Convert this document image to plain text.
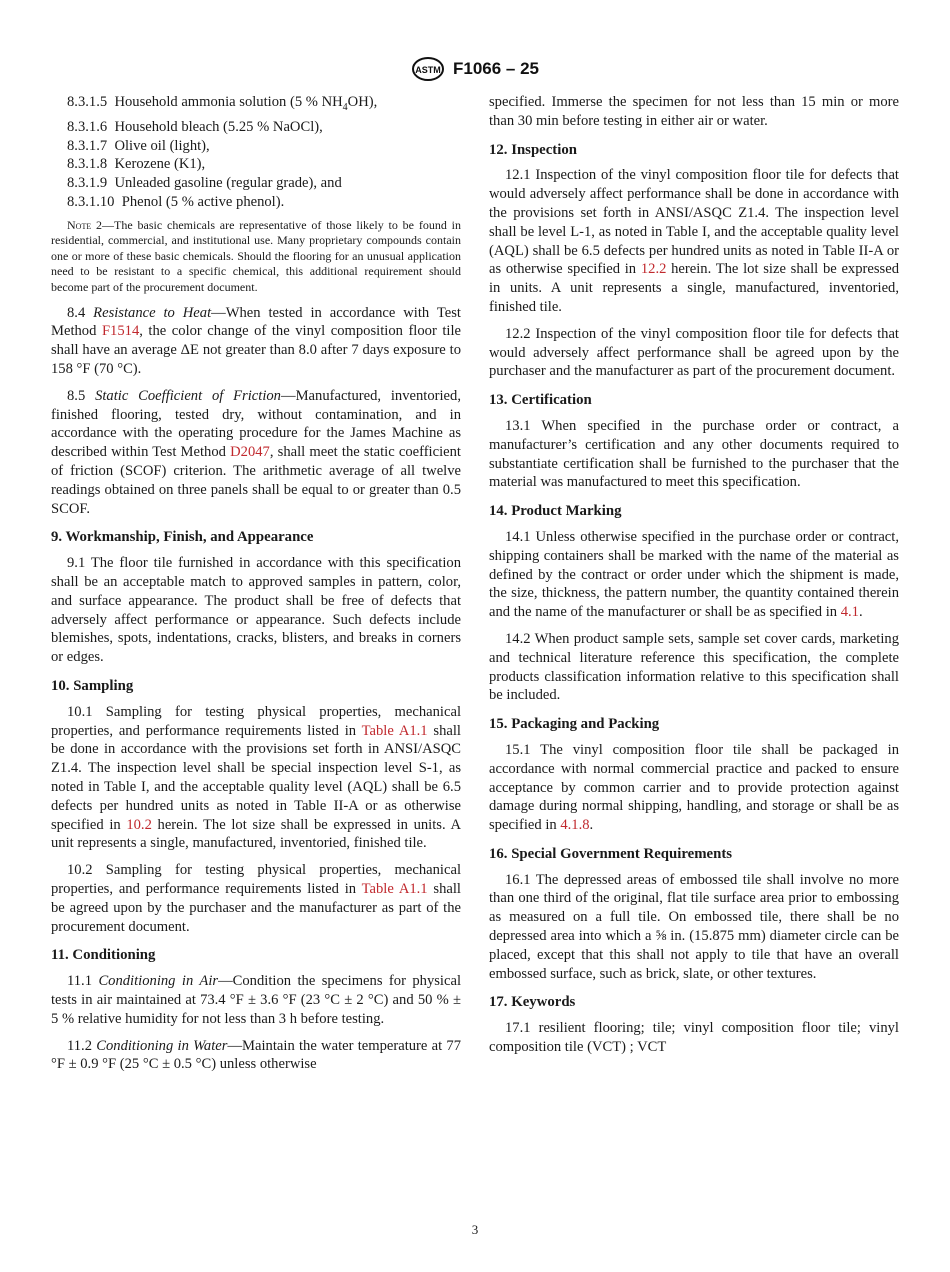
ASTM F1066 – 25
8.3.1.5 Household ammonia solution (5 % $NH_4OH$),
8.3.1.6 Household bleach (5.25 % NaOCl),
8.3.1.7 Olive oil (light),
8.3.1.8 Kerozene (K1),
8.3.1.9 Unleaded gasoline (regular grade), and
8.3.1.10 Phenol (5 % active phenol).
Note 2—The basic chemicals are representative of those likely to be found in residential, commercial, and institutional use. Many proprietary compounds contain one or more of these basic chemicals. Should the flooring for an unusual application need to be resistant to a specific chemical, this additional requirement should become part of the procurement document.

8.4 Resistance to Heat—When tested in accordance with Test Method F1514, the color change of the vinyl composition floor tile shall have an average ΔE not greater than 8.0 after 7 days exposure to 158 °F (70 °C).

8.5 Static Coefficient of Friction—Manufactured, inventoried, finished flooring, tested dry, without contamination, and in accordance with the operating procedure for the James Machine as described within Test Method D2047, shall meet the static coefficient of friction (SCOF) criterion. The arithmetic average of all twelve readings obtained on three panels shall be equal to or greater than 0.5 SCOF.

9. Workmanship, Finish, and Appearance

9.1 The floor tile furnished in accordance with this specification shall be an acceptable match to approved samples in pattern, color, and surface appearance. The product shall be free of defects that adversely affect performance or appearance. Such defects include blemishes, spots, indentations, cracks, blisters, and breaks in corners or edges.

10. Sampling

10.1 Sampling for testing physical properties, mechanical properties, and performance requirements listed in Table A1.1 shall be done in accordance with the provisions set forth in ANSI/ASQC Z1.4. The inspection level shall be special inspection level S-1, as noted in Table I, and the acceptable quality level (AQL) shall be 6.5 defects per hundred units as noted in Table II-A or as otherwise specified in 10.2 herein. The lot size shall be expressed in units. A unit represents a single, manufactured, inventoried, finished tile.

10.2 Sampling for testing physical properties, mechanical properties, and performance requirements listed in Table A1.1 shall be agreed upon by the purchaser and the manufacturer as part of the procurement document.

11. Conditioning

11.1 Conditioning in Air—Condition the specimens for physical tests in air maintained at 73.4 °F ± 3.6 °F (23 °C ± 2 °C) and 50 % ± 5 % relative humidity for not less than 3 h before testing.

11.2 Conditioning in Water—Maintain the water temperature at 77 °F ± 0.9 °F (25 °C ± 0.5 °C) unless otherwise

specified. Immerse the specimen for not less than 15 min or more than 30 min before testing in either air or water.

12. Inspection

12.1 Inspection of the vinyl composition floor tile for defects that would adversely affect performance shall be done in accordance with the provisions set forth in ANSI/ASQC Z1.4. The inspection level shall be level L-1, as noted in Table I, and the acceptable quality level (AQL) shall be 6.5 defects per hundred units as noted in Table II-A or as otherwise specified in 12.2 herein. The lot size shall be expressed in units. A unit represents a single, manufactured, inventoried, finished tile.

12.2 Inspection of the vinyl composition floor tile for defects that would adversely affect performance shall be agreed upon by the purchaser and the manufacturer as part of the procurement document.

13. Certification

13.1 When specified in the purchase order or contract, a manufacturer’s certification and any other documents required to substantiate certification shall be furnished to the purchaser that the material was manufactured to meet this specification.

14. Product Marking

14.1 Unless otherwise specified in the purchase order or contract, shipping containers shall be marked with the name of the material as defined by the contract or order under which the shipment is made, the size, thickness, the pattern number, the quantity contained therein and the name of the manufacturer or shall be as specified in 4.1.

14.2 When product sample sets, sample set cover cards, marketing and technical literature reference this specification, the complete products classification information relative to this specification shall be included.

15. Packaging and Packing

15.1 The vinyl composition floor tile shall be packaged in accordance with normal commercial practice and packed to ensure acceptance by common carrier and to provide protection against damage during normal shipping, handling, and storage or shall be as specified in 4.1.8.

16. Special Government Requirements

16.1 The depressed areas of embossed tile shall involve no more than one third of the original, flat tile surface area prior to embossing as measured on a full tile. On embossed tile, there shall be no depressed area into which a ⅝ in. (15.875 mm) diameter circle can be placed, except that this shall not apply to tile that have an overall embossed surface, such as brick, slate, or other textures.

17. Keywords

17.1 resilient flooring; tile; vinyl composition floor tile; vinyl composition tile (VCT) ; VCT

3
